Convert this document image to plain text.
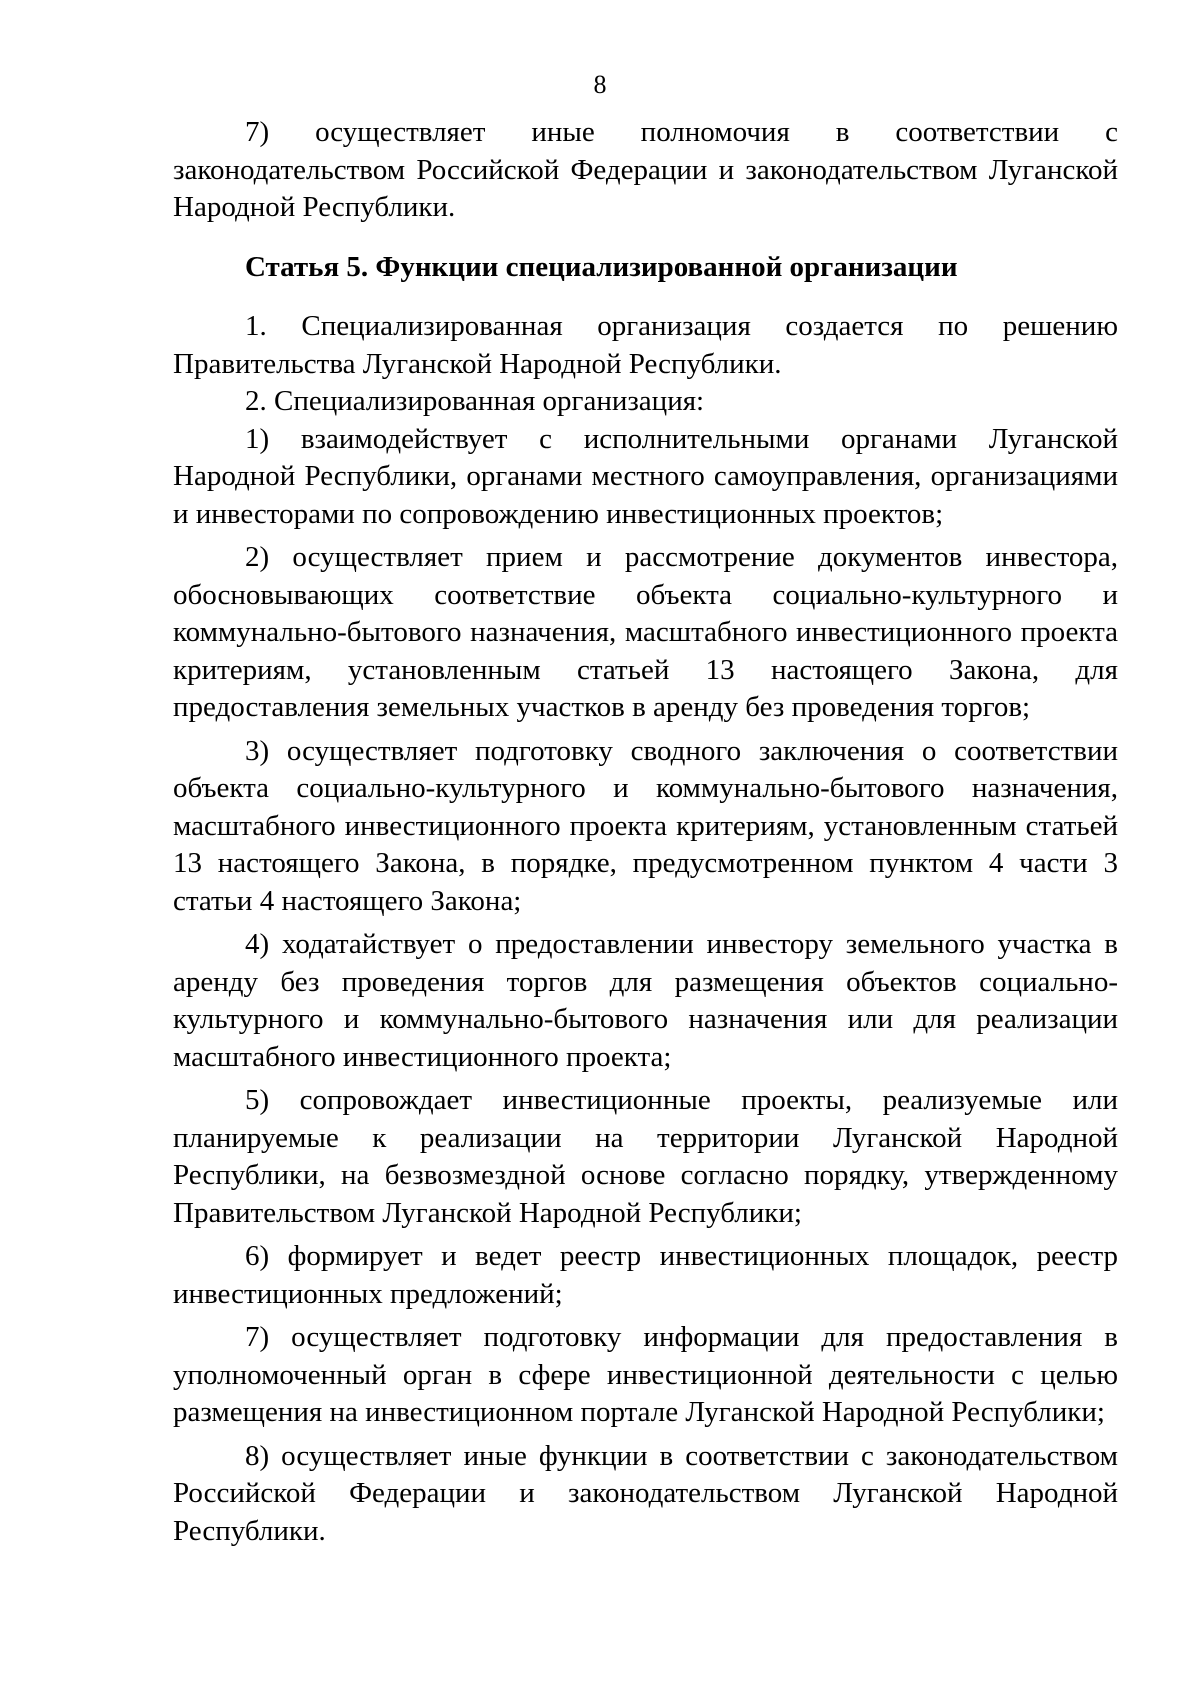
8

7) осуществляет иные полномочия в соответствии с законодательством Российской Федерации и законодательством Луганской Народной Республики.

Статья 5. Функции специализированной организации

1. Специализированная организация создается по решению Правительства Луганской Народной Республики.

2. Специализированная организация:

1) взаимодействует с исполнительными органами Луганской Народной Республики, органами местного самоуправления, организациями и инвесторами по сопровождению инвестиционных проектов;

2) осуществляет прием и рассмотрение документов инвестора, обосновывающих соответствие объекта социально-культурного и коммунально-бытового назначения, масштабного инвестиционного проекта критериям, установленным статьей 13 настоящего Закона, для предоставления земельных участков в аренду без проведения торгов;

3) осуществляет подготовку сводного заключения о соответствии объекта социально-культурного и коммунально-бытового назначения, масштабного инвестиционного проекта критериям, установленным статьей 13 настоящего Закона, в порядке, предусмотренном пунктом 4 части 3 статьи 4 настоящего Закона;

4) ходатайствует о предоставлении инвестору земельного участка в аренду без проведения торгов для размещения объектов социально-культурного и коммунально-бытового назначения или для реализации масштабного инвестиционного проекта;

5) сопровождает инвестиционные проекты, реализуемые или планируемые к реализации на территории Луганской Народной Республики, на безвозмездной основе согласно порядку, утвержденному Правительством Луганской Народной Республики;

6) формирует и ведет реестр инвестиционных площадок, реестр инвестиционных предложений;

7) осуществляет подготовку информации для предоставления в уполномоченный орган в сфере инвестиционной деятельности с целью размещения на инвестиционном портале Луганской Народной Республики;

8) осуществляет иные функции в соответствии с законодательством Российской Федерации и законодательством Луганской Народной Республики.
